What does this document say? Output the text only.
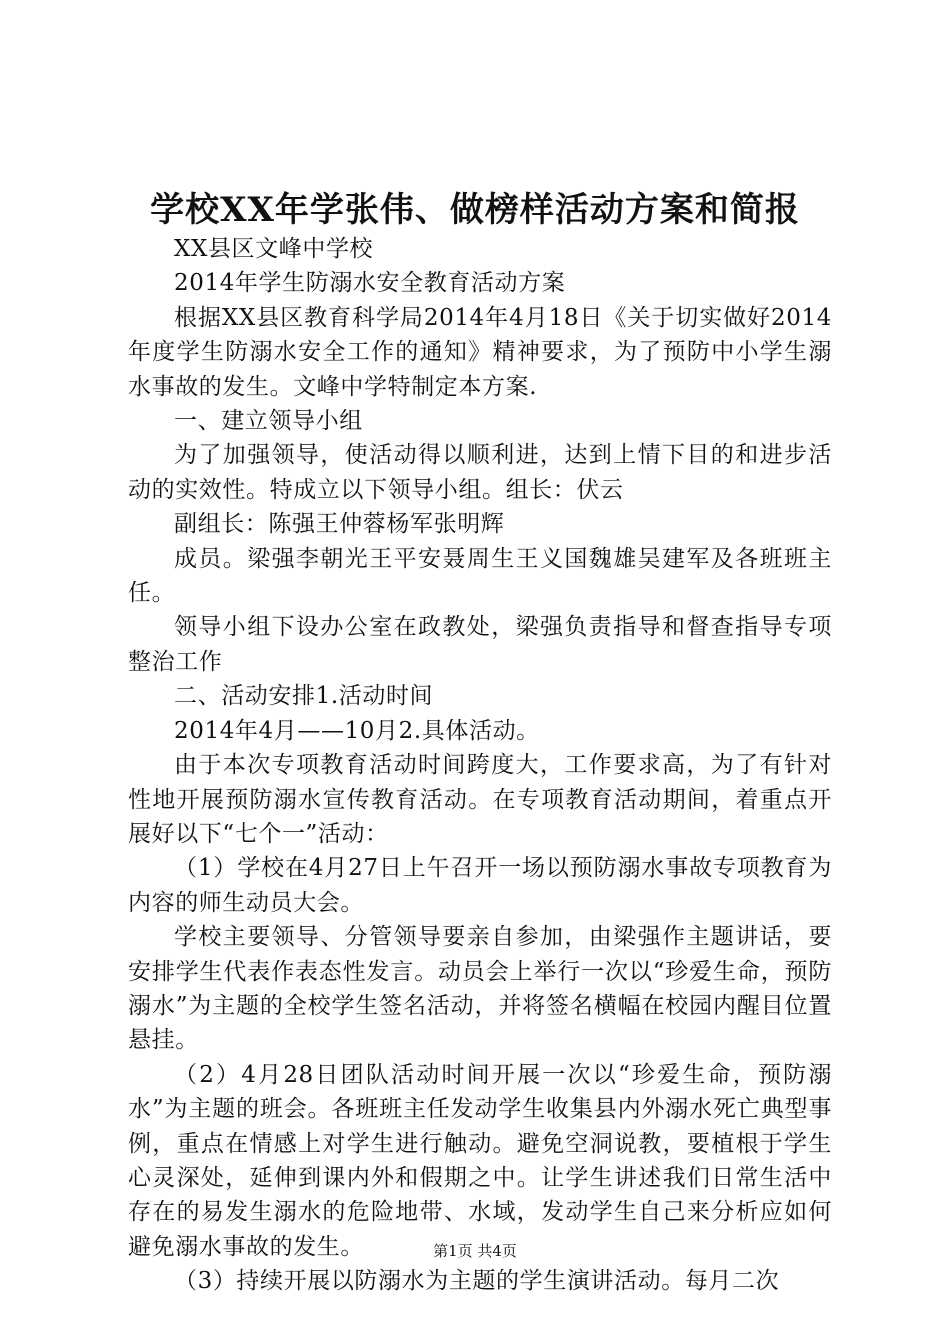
学校XX年学张伟、做榜样活动方案和简报

XX县区文峰中学校

2014年学生防溺水安全教育活动方案

根据XX县区教育科学局2014年4月18日《关于切实做好2014年度学生防溺水安全工作的通知》精神要求，为了预防中小学生溺水事故的发生。文峰中学特制定本方案.

一、建立领导小组

为了加强领导，使活动得以顺利进，达到上情下目的和进步活动的实效性。特成立以下领导小组。组长：伏云

副组长：陈强王仲蓉杨军张明辉

成员。梁强李朝光王平安聂周生王义国魏雄吴建军及各班班主任。

领导小组下设办公室在政教处，梁强负责指导和督查指导专项整治工作

二、活动安排1.活动时间

2014年4月——10月2.具体活动。

由于本次专项教育活动时间跨度大，工作要求高，为了有针对性地开展预防溺水宣传教育活动。在专项教育活动期间，着重点开展好以下“七个一”活动：

（1）学校在4月27日上午召开一场以预防溺水事故专项教育为内容的师生动员大会。

学校主要领导、分管领导要亲自参加，由梁强作主题讲话，要安排学生代表作表态性发言。动员会上举行一次以“珍爱生命，预防溺水”为主题的全校学生签名活动，并将签名横幅在校园内醒目位置悬挂。

（2）4月28日团队活动时间开展一次以“珍爱生命，预防溺水”为主题的班会。各班班主任发动学生收集县内外溺水死亡典型事例，重点在情感上对学生进行触动。避免空洞说教，要植根于学生心灵深处，延伸到课内外和假期之中。让学生讲述我们日常生活中存在的易发生溺水的危险地带、水域，发动学生自己来分析应如何避免溺水事故的发生。

（3）持续开展以防溺水为主题的学生演讲活动。每月二次

第1页 共4页
